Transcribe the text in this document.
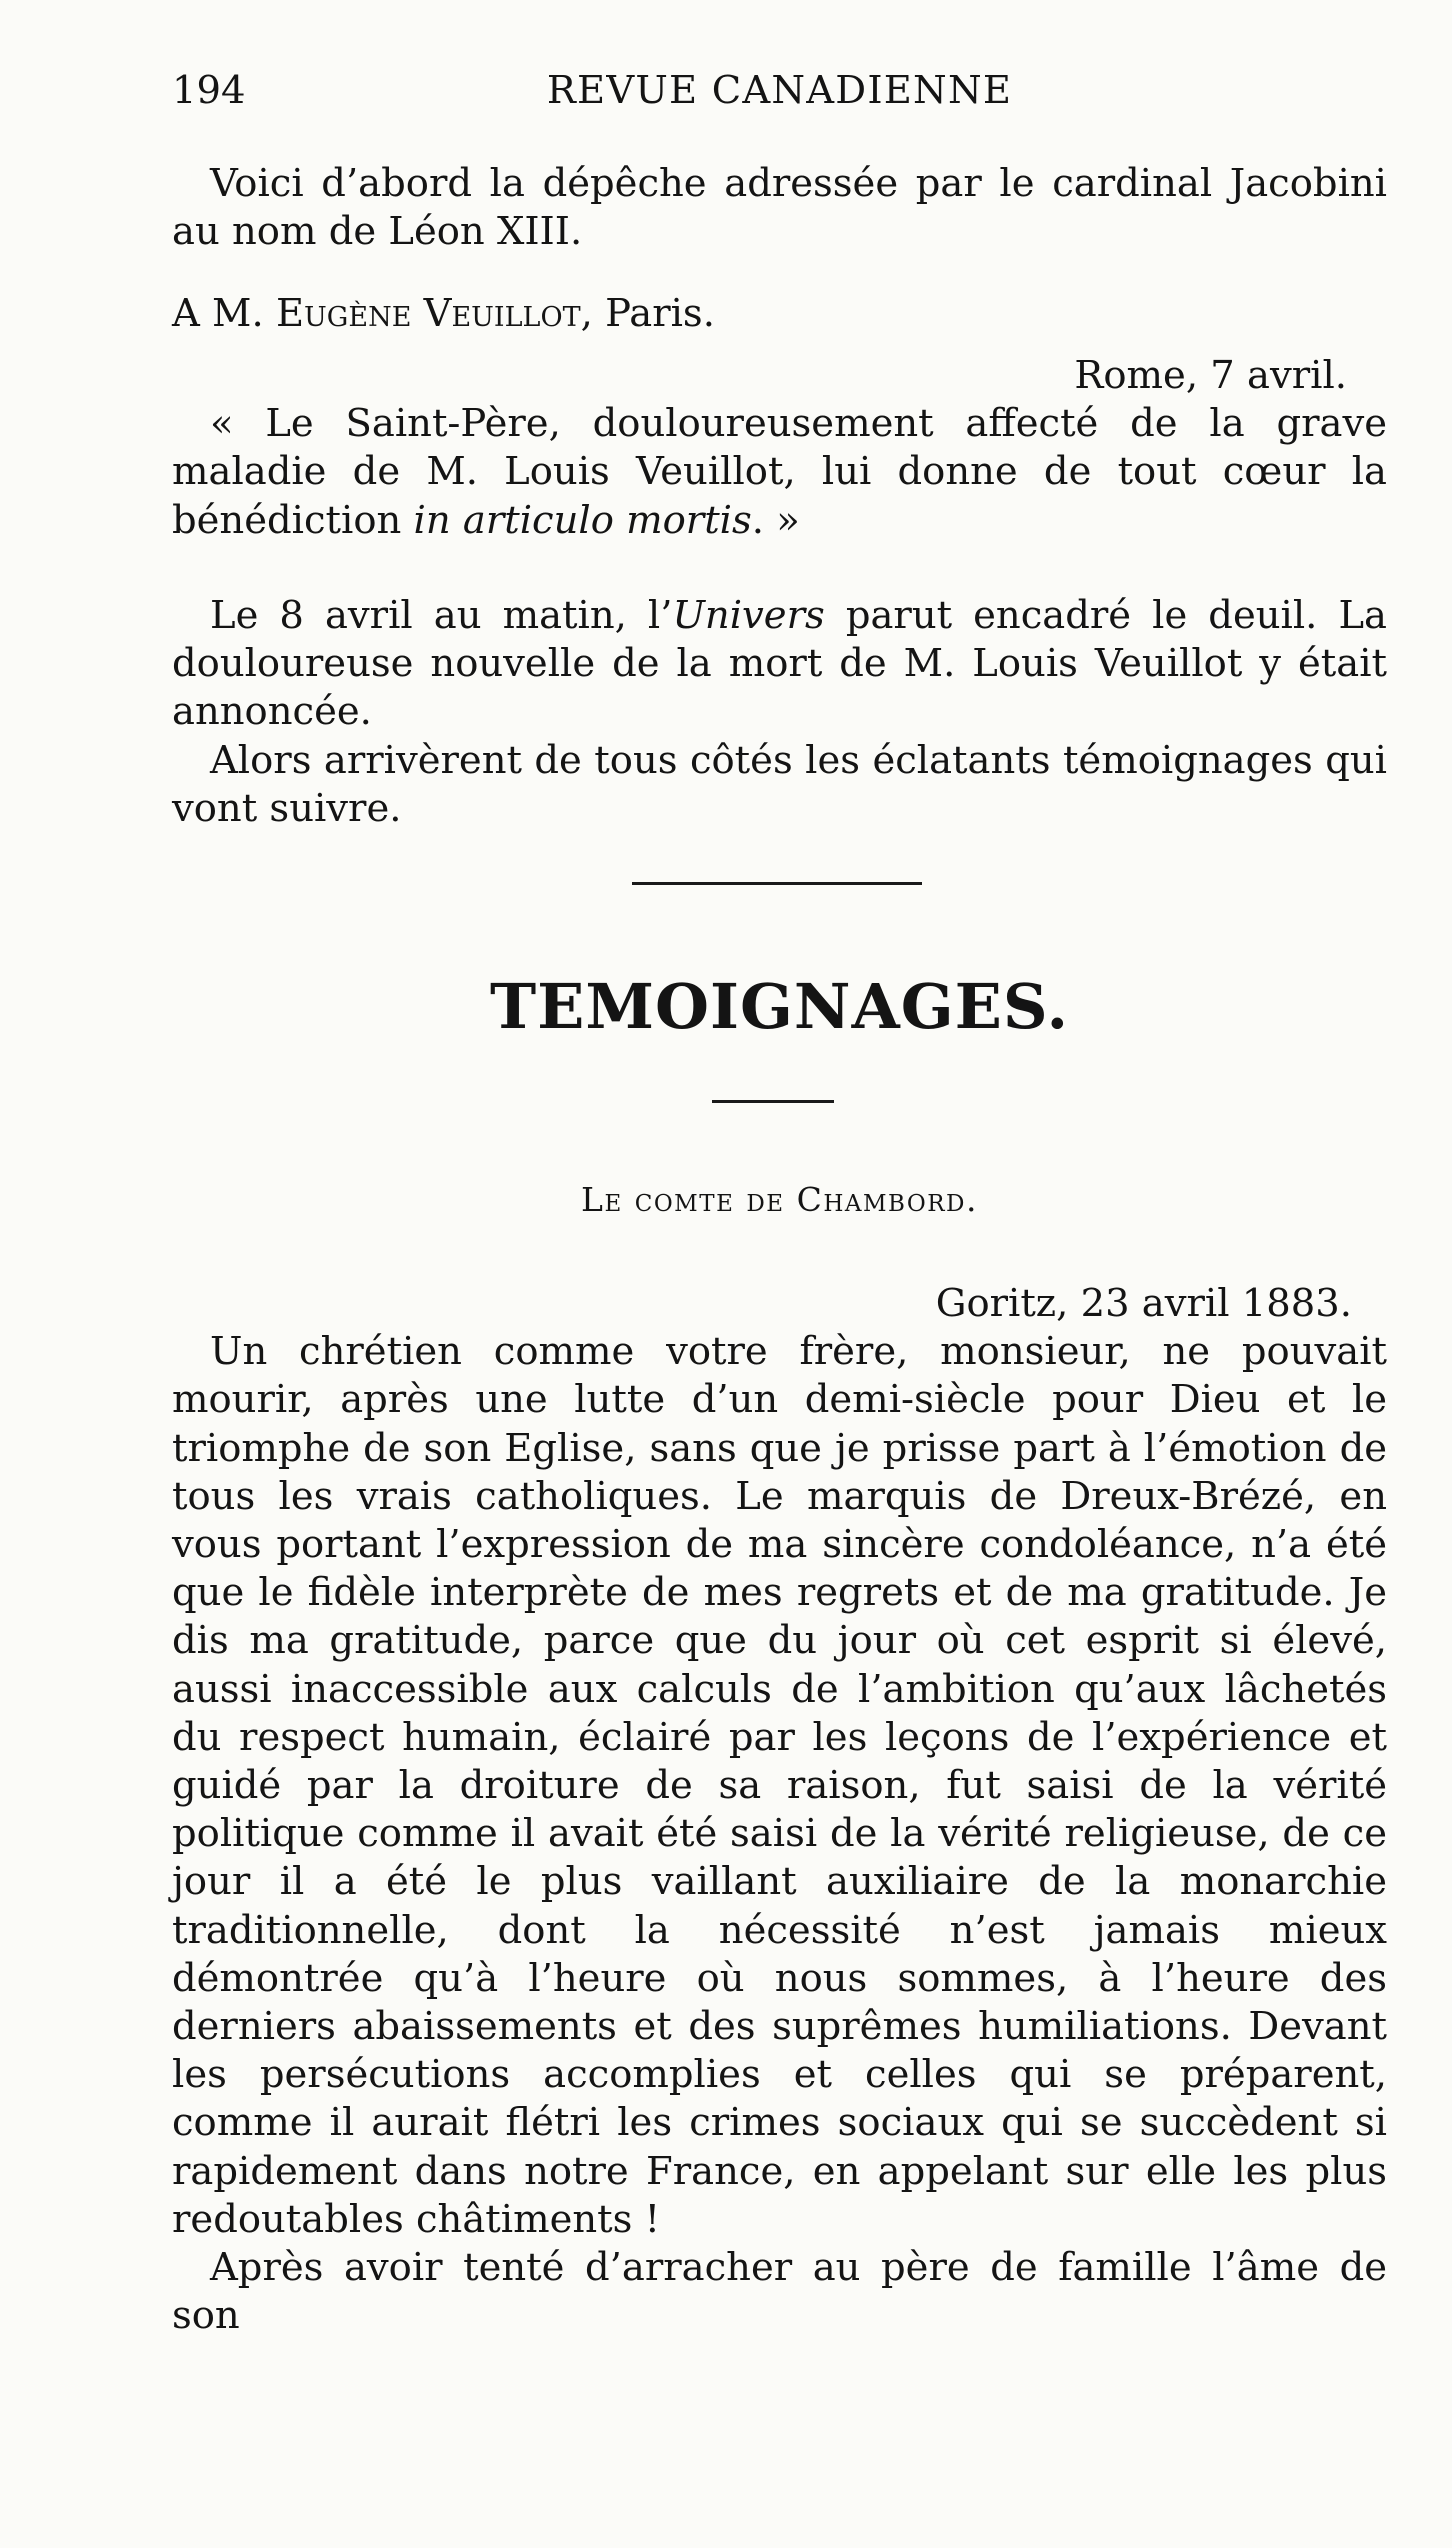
194	REVUE CANADIENNE

Voici d’abord la dépêche adressée par le cardinal Jacobini au nom de Léon XIII.

A M. Eugène Veuillot, Paris.

Rome, 7 avril.

« Le Saint-Père, douloureusement affecté de la grave maladie de M. Louis Veuillot, lui donne de tout cœur la bénédiction in articulo mortis. »

Le 8 avril au matin, l’Univers parut encadré le deuil. La douloureuse nouvelle de la mort de M. Louis Veuillot y était annoncée.

Alors arrivèrent de tous côtés les éclatants témoignages qui vont suivre.

TEMOIGNAGES.
Le comte de Chambord.

Goritz, 23 avril 1883.

Un chrétien comme votre frère, monsieur, ne pouvait mourir, après une lutte d’un demi-siècle pour Dieu et le triomphe de son Eglise, sans que je prisse part à l’émotion de tous les vrais catholiques. Le marquis de Dreux-Brézé, en vous portant l’expression de ma sincère condoléance, n’a été que le fidèle interprète de mes regrets et de ma gratitude. Je dis ma gratitude, parce que du jour où cet esprit si élevé, aussi inaccessible aux calculs de l’ambition qu’aux lâchetés du respect humain, éclairé par les leçons de l’expérience et guidé par la droiture de sa raison, fut saisi de la vérité politique comme il avait été saisi de la vérité religieuse, de ce jour il a été le plus vaillant auxiliaire de la monarchie traditionnelle, dont la nécessité n’est jamais mieux démontrée qu’à l’heure où nous sommes, à l’heure des derniers abaissements et des suprêmes humiliations. Devant les persécutions accomplies et celles qui se préparent, comme il aurait flétri les crimes sociaux qui se succèdent si rapidement dans notre France, en appelant sur elle les plus redoutables châtiments !

Après avoir tenté d’arracher au père de famille l’âme de son
